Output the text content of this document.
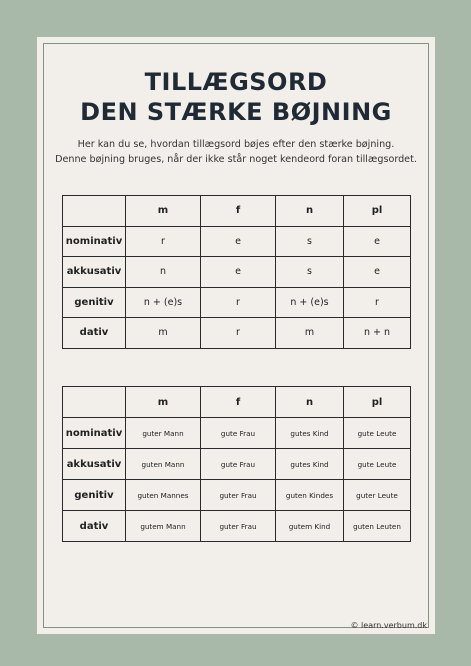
TILLÆGSORD
DEN STÆRKE BØJNING
Her kan du se, hvordan tillægsord bøjes efter den stærke bøjning.
Denne bøjning bruges, når der ikke står noget kendeord foran tillægsordet.
	m	f	n	pl
nominativ	r	e	s	e
akkusativ	n	e	s	e
genitiv	n + (e)s	r	n + (e)s	r
dativ	m	r	m	n + n
	m	f	n	pl
nominativ	guter Mann	gute Frau	gutes Kind	gute Leute
akkusativ	guten Mann	gute Frau	gutes Kind	gute Leute
genitiv	guten Mannes	guter Frau	guten Kindes	guter Leute
dativ	gutem Mann	guter Frau	gutem Kind	guten Leuten
© learn.verbum.dk
